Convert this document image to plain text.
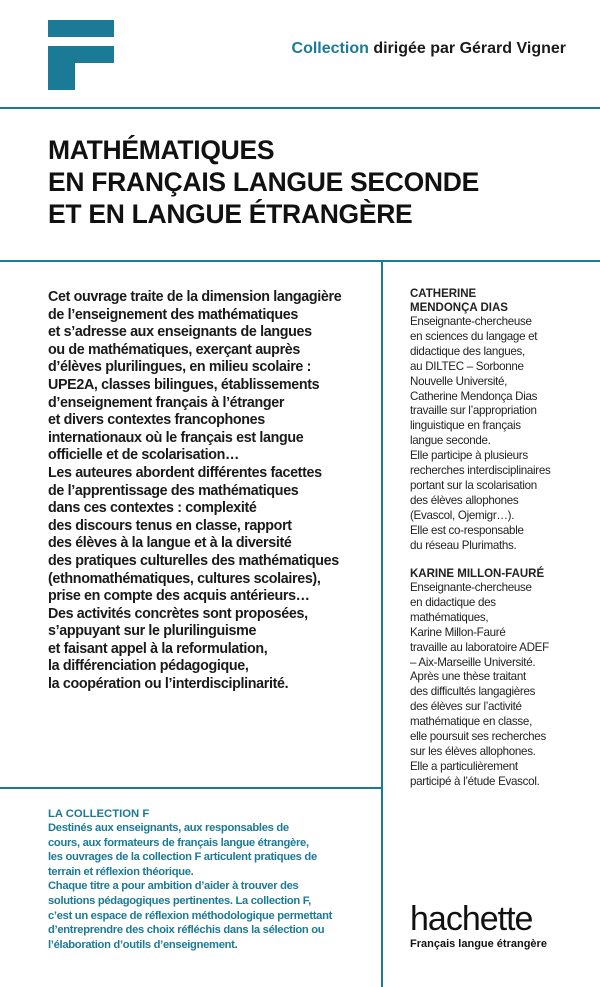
Collection dirigée par Gérard Vigner
MATHÉMATIQUES
EN FRANÇAIS LANGUE SECONDE
ET EN LANGUE ÉTRANGÈRE
Cet ouvrage traite de la dimension langagière
de l’enseignement des mathématiques
et s’adresse aux enseignants de langues
ou de mathématiques, exerçant auprès
d’élèves plurilingues, en milieu scolaire :
UPE2A, classes bilingues, établissements
d’enseignement français à l’étranger
et divers contextes francophones
internationaux où le français est langue
officielle et de scolarisation…
Les auteures abordent différentes facettes
de l’apprentissage des mathématiques
dans ces contextes : complexité
des discours tenus en classe, rapport
des élèves à la langue et à la diversité
des pratiques culturelles des mathématiques
(ethnomathématiques, cultures scolaires),
prise en compte des acquis antérieurs…
Des activités concrètes sont proposées,
s’appuyant sur le plurilinguisme
et faisant appel à la reformulation,
la différenciation pédagogique,
la coopération ou l’interdisciplinarité.
CATHERINE
MENDONÇA DIAS
Enseignante-chercheuse
en sciences du langage et
didactique des langues,
au DILTEC – Sorbonne
Nouvelle Université,
Catherine Mendonça Dias
travaille sur l’appropriation
linguistique en français
langue seconde.
Elle participe à plusieurs
recherches interdisciplinaires
portant sur la scolarisation
des élèves allophones
(Evascol, Ojemigr…).
Elle est co-responsable
du réseau Plurimaths.
KARINE MILLON-FAURÉ
Enseignante-chercheuse
en didactique des
mathématiques,
Karine Millon-Fauré
travaille au laboratoire ADEF
– Aix-Marseille Université.
Après une thèse traitant
des difficultés langagières
des élèves sur l’activité
mathématique en classe,
elle poursuit ses recherches
sur les élèves allophones.
Elle a particulièrement
participé à l’étude Evascol.
LA COLLECTION F
Destinés aux enseignants, aux responsables de
cours, aux formateurs de français langue étrangère,
les ouvrages de la collection F articulent pratiques de
terrain et réflexion théorique.
Chaque titre a pour ambition d’aider à trouver des
solutions pédagogiques pertinentes. La collection F,
c’est un espace de réflexion méthodologique permettant
d’entreprendre des choix réfléchis dans la sélection ou
l’élaboration d’outils d’enseignement.
hachette
Français langue étrangère
